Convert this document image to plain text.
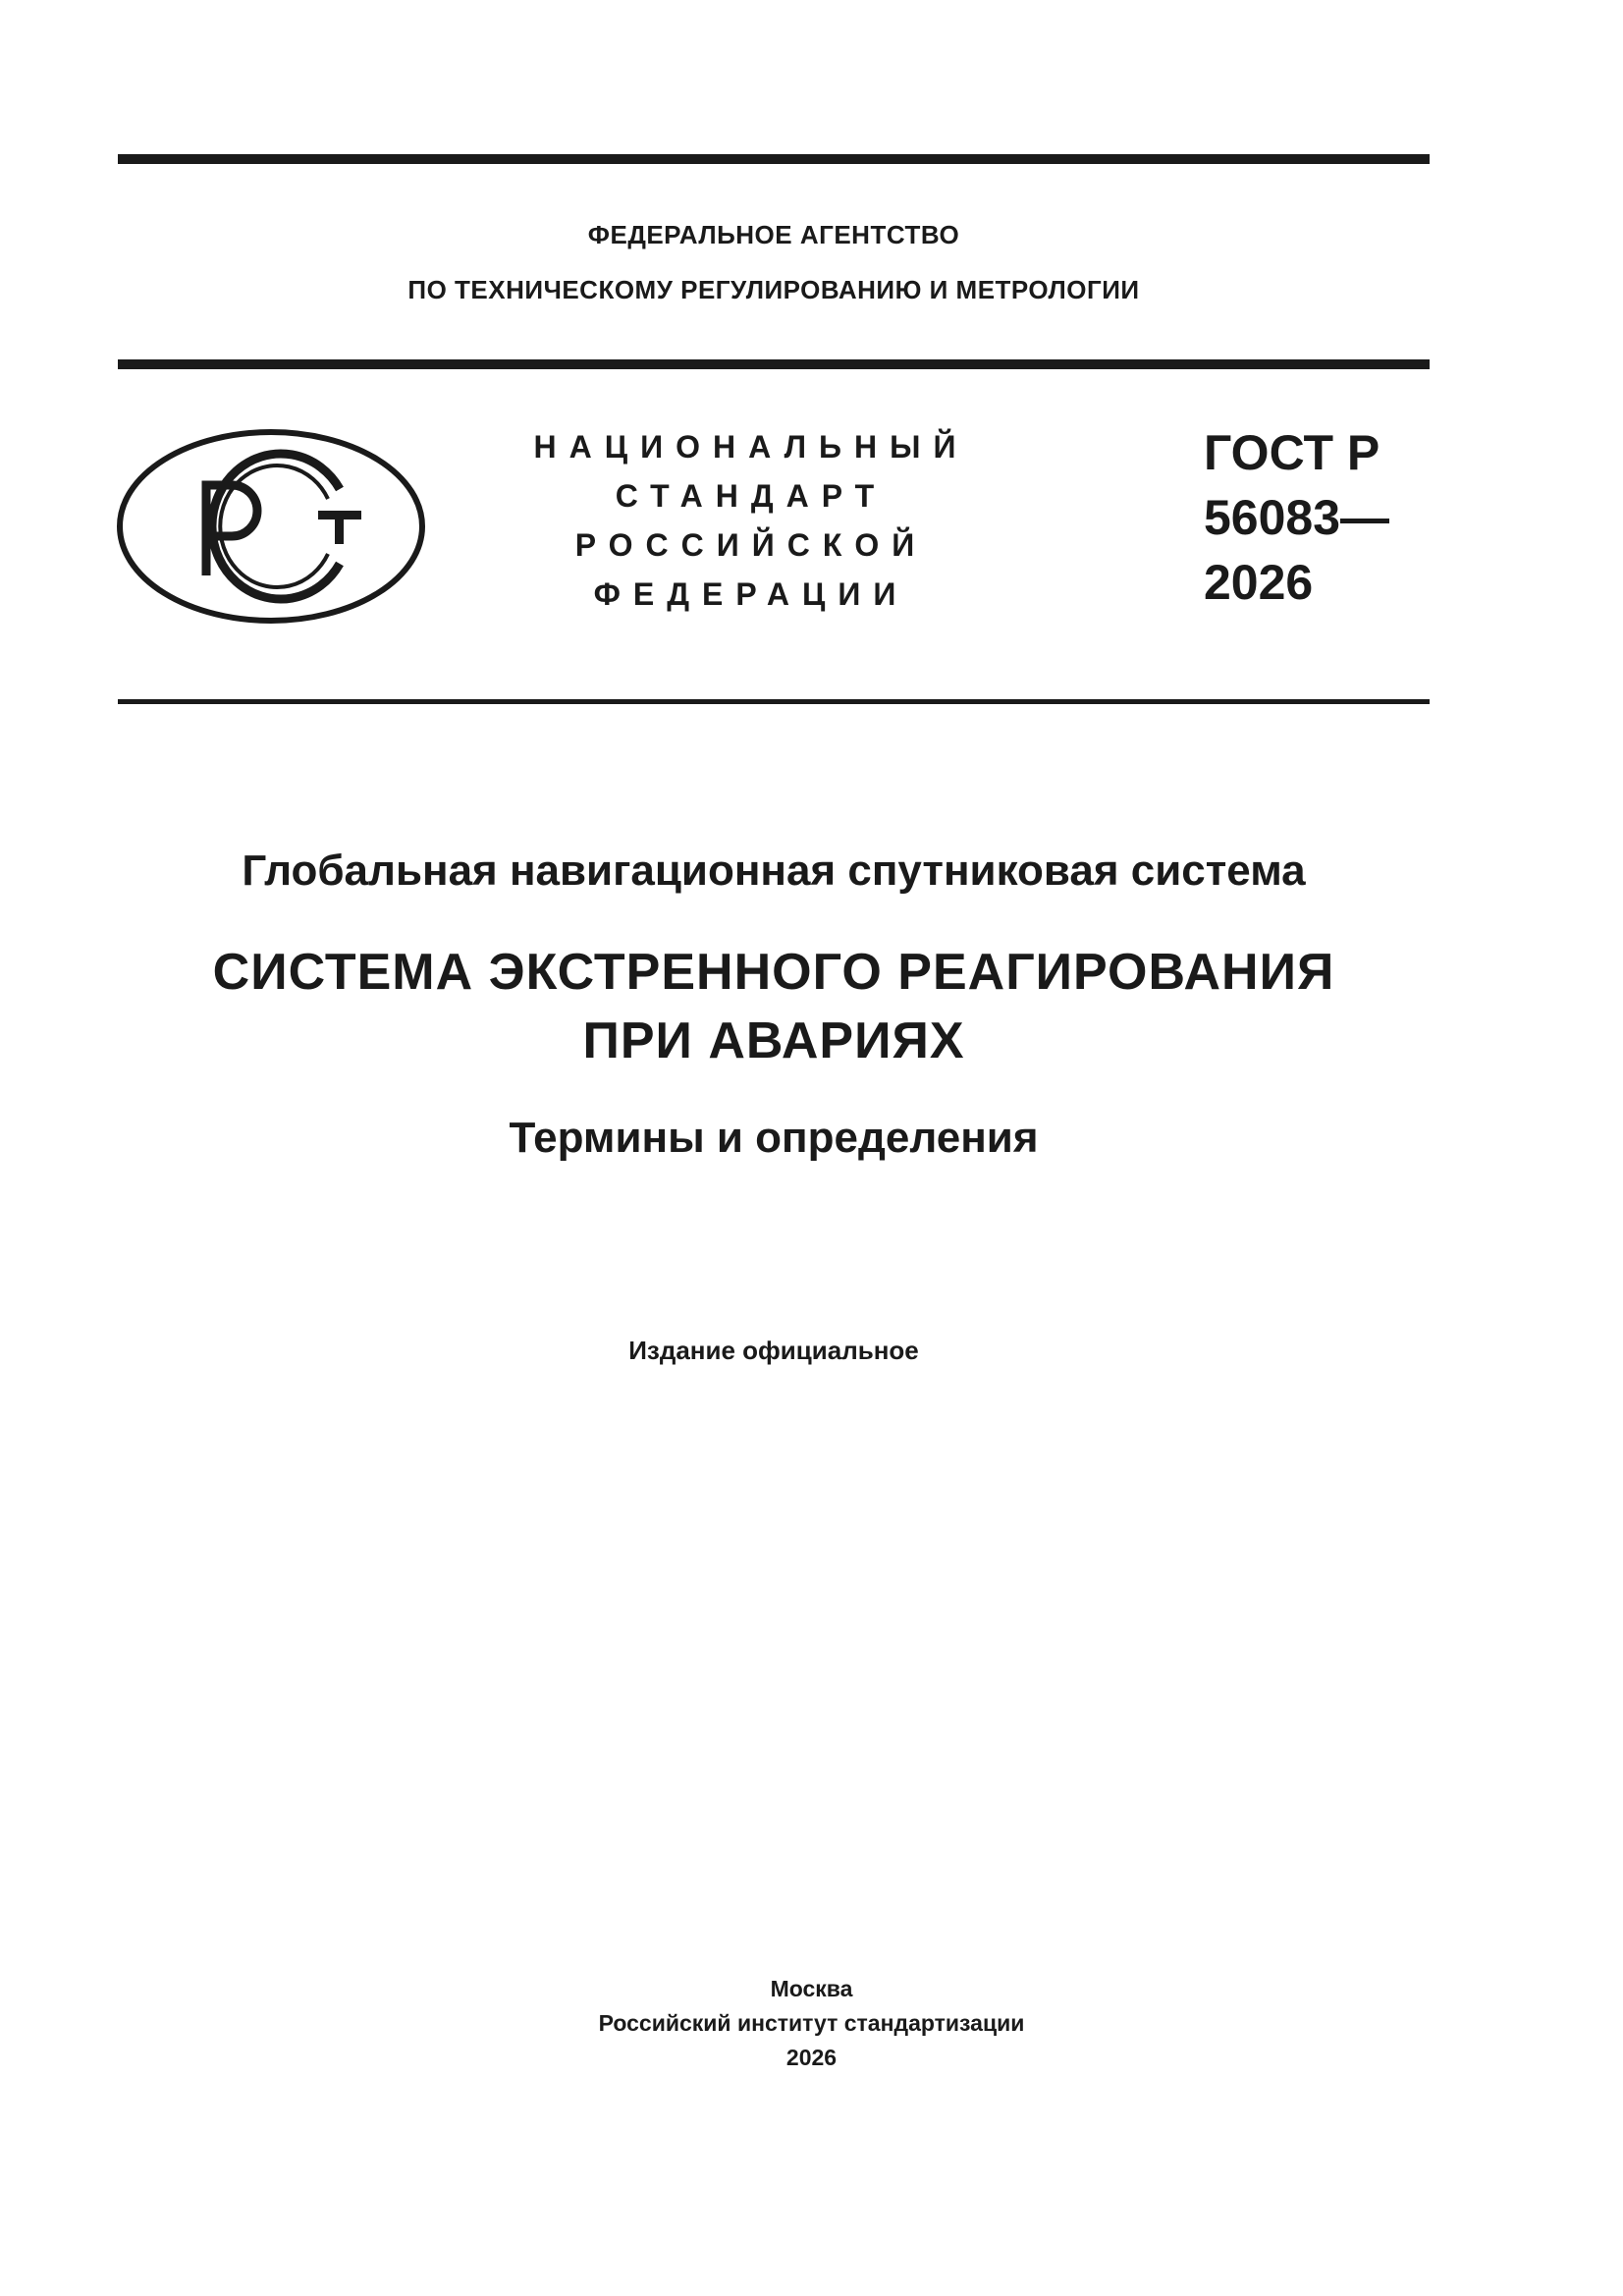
ФЕДЕРАЛЬНОЕ АГЕНТСТВО
ПО ТЕХНИЧЕСКОМУ РЕГУЛИРОВАНИЮ И МЕТРОЛОГИИ
НАЦИОНАЛЬНЫЙ
СТАНДАРТ
РОССИЙСКОЙ
ФЕДЕРАЦИИ
ГОСТ Р
56083—
2026
Глобальная навигационная спутниковая система
СИСТЕМА ЭКСТРЕННОГО РЕАГИРОВАНИЯ
ПРИ АВАРИЯХ
Термины и определения
Издание официальное
Москва
Российский институт стандартизации
2026
